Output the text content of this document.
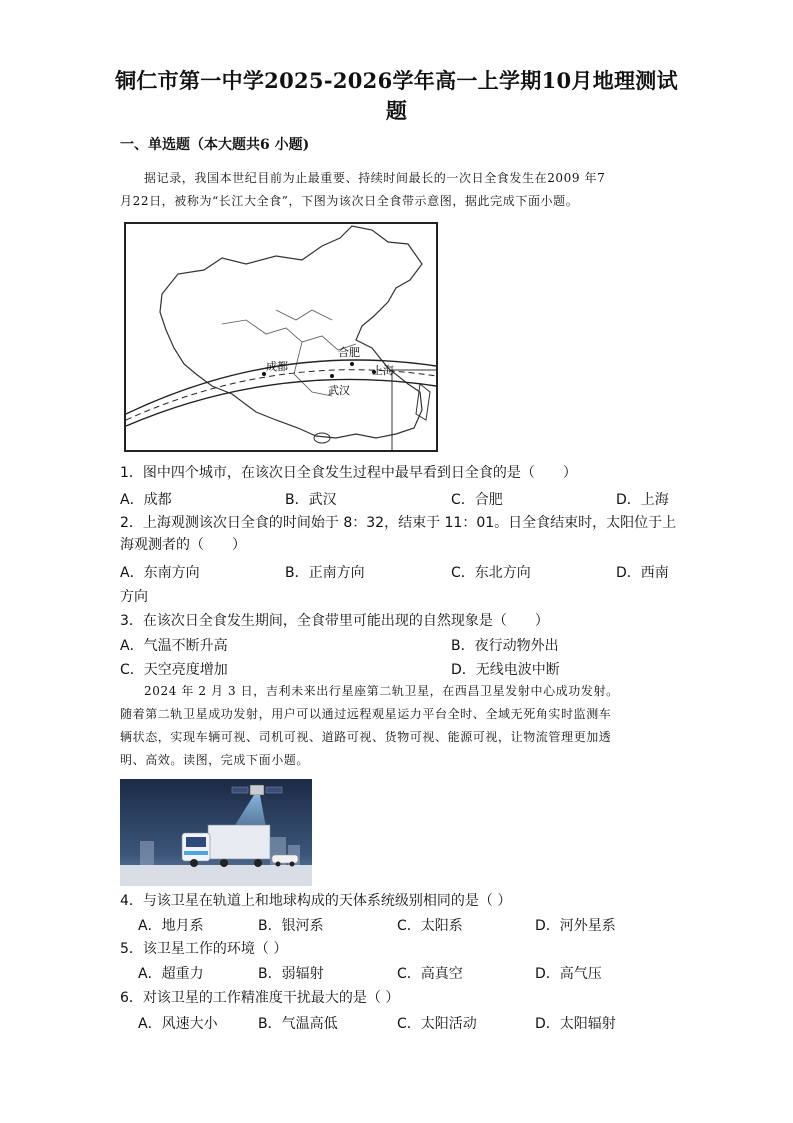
铜仁市第一中学2025-2026学年高一上学期10月地理测试
题
一、单选题（本大题共6 小题)
据记录，我国本世纪目前为止最重要、持续时间最长的一次日全食发生在2009 年7
月22日，被称为“长江大全食”，下图为该次日全食带示意图，据此完成下面小题。
成都
合肥
上海
武汉
1．图中四个城市，在该次日全食发生过程中最早看到日全食的是（　　）
A．成都	B．武汉	C．合肥	D．上海
2．上海观测该次日全食的时间始于 8：32，结束于 11：01。日全食结束时，太阳位于上
海观测者的（　　）
A．东南方向	B．正南方向	C．东北方向	D．西南
方向
3．在该次日全食发生期间，全食带里可能出现的自然现象是（　　）
A．气温不断升高	B．夜行动物外出
C．天空亮度增加	D．无线电波中断
2024 年 2 月 3 日，吉利未来出行星座第二轨卫星，在西昌卫星发射中心成功发射。
随着第二轨卫星成功发射，用户可以通过远程观星运力平台全时、全域无死角实时监测车
辆状态，实现车辆可视、司机可视、道路可视、货物可视、能源可视，让物流管理更加透
明、高效。读图，完成下面小题。
4．与该卫星在轨道上和地球构成的天体系统级别相同的是（ ）
A．地月系	B．银河系	C．太阳系	D．河外星系
5．该卫星工作的环境（ ）
A．超重力	B．弱辐射	C．高真空	D．高气压
6．对该卫星的工作精准度干扰最大的是（ ）
A．风速大小	B．气温高低	C．太阳活动	D．太阳辐射
